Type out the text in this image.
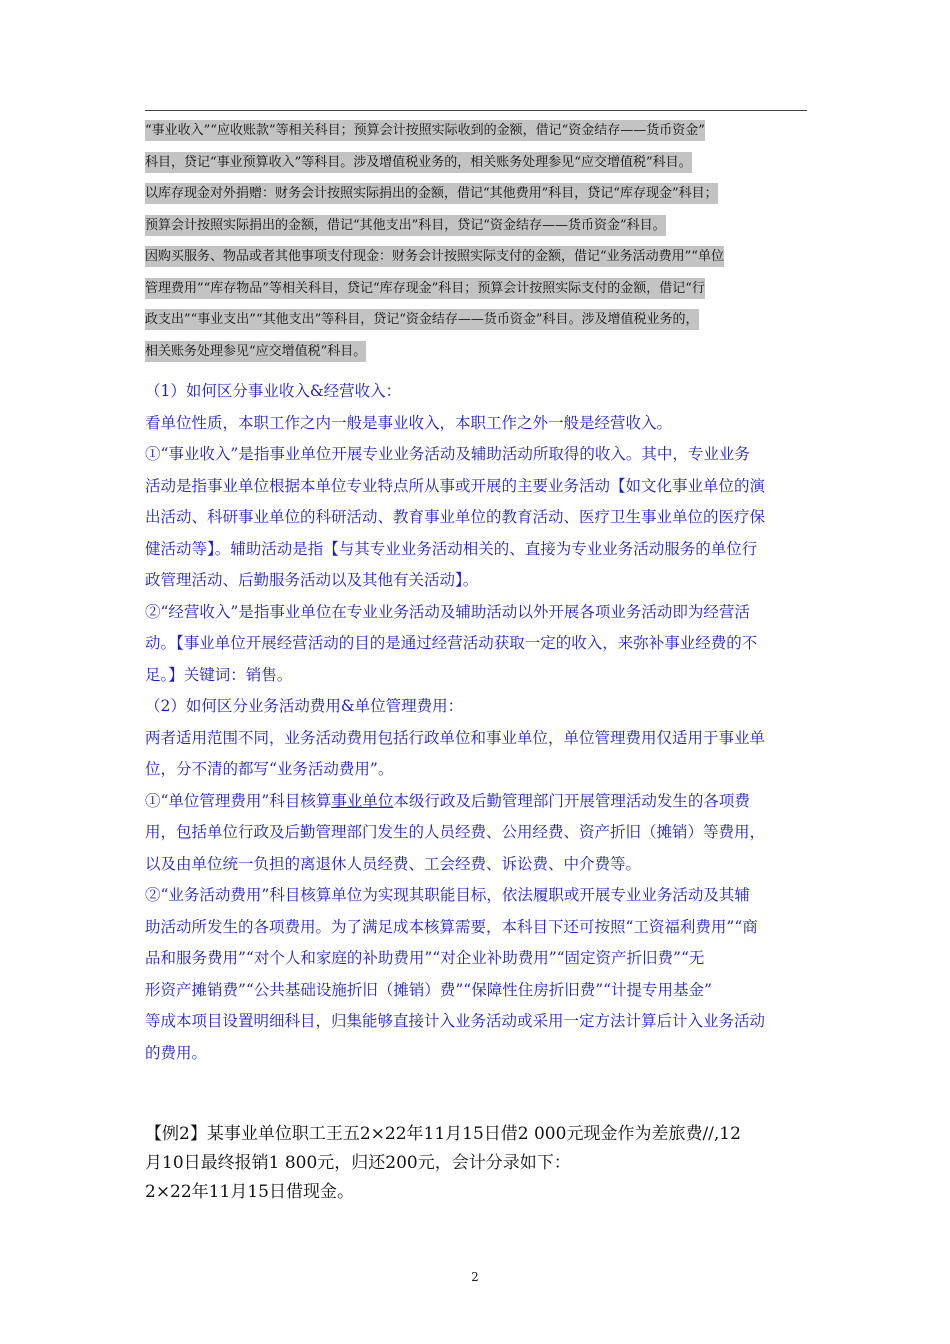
“事业收入”“应收账款”等相关科目；预算会计按照实际收到的金额，借记“资金结存——货币资金”
科目，贷记“事业预算收入”等科目。涉及增值税业务的，相关账务处理参见“应交增值税”科目。
以库存现金对外捐赠：财务会计按照实际捐出的金额，借记“其他费用”科目，贷记“库存现金”科目；
预算会计按照实际捐出的金额，借记“其他支出”科目，贷记“资金结存——货币资金”科目。
因购买服务、物品或者其他事项支付现金：财务会计按照实际支付的金额，借记“业务活动费用”“单位
管理费用”“库存物品”等相关科目，贷记“库存现金”科目；预算会计按照实际支付的金额，借记“行
政支出”“事业支出”“其他支出”等科目，贷记“资金结存——货币资金”科目。涉及增值税业务的，
相关账务处理参见“应交增值税”科目。
（1）如何区分事业收入&经营收入：
看单位性质，本职工作之内一般是事业收入，本职工作之外一般是经营收入。
①“事业收入”是指事业单位开展专业业务活动及辅助活动所取得的收入。其中，专业业务
活动是指事业单位根据本单位专业特点所从事或开展的主要业务活动【如文化事业单位的演
出活动、科研事业单位的科研活动、教育事业单位的教育活动、医疗卫生事业单位的医疗保
健活动等】。辅助活动是指【与其专业业务活动相关的、直接为专业业务活动服务的单位行
政管理活动、后勤服务活动以及其他有关活动】。
②“经营收入”是指事业单位在专业业务活动及辅助活动以外开展各项业务活动即为经营活
动。【事业单位开展经营活动的目的是通过经营活动获取一定的收入，来弥补事业经费的不
足。】关键词：销售。
（2）如何区分业务活动费用&单位管理费用：
两者适用范围不同，业务活动费用包括行政单位和事业单位，单位管理费用仅适用于事业单
位，分不清的都写“业务活动费用”。
①“单位管理费用”科目核算事业单位本级行政及后勤管理部门开展管理活动发生的各项费
用，包括单位行政及后勤管理部门发生的人员经费、公用经费、资产折旧（摊销）等费用，
以及由单位统一负担的离退休人员经费、工会经费、诉讼费、中介费等。
②“业务活动费用”科目核算单位为实现其职能目标，依法履职或开展专业业务活动及其辅
助活动所发生的各项费用。为了满足成本核算需要，本科目下还可按照“工资福利费用”“商
品和服务费用”“对个人和家庭的补助费用”“对企业补助费用”“固定资产折旧费”“无
形资产摊销费”“公共基础设施折旧（摊销）费”“保障性住房折旧费”“计提专用基金”
等成本项目设置明细科目，归集能够直接计入业务活动或采用一定方法计算后计入业务活动
的费用。
【例2】某事业单位职工王五2×22年11月15日借2 000元现金作为差旅费//,12
月10日最终报销1 800元，归还200元，会计分录如下：
2×22年11月15日借现金。
2
